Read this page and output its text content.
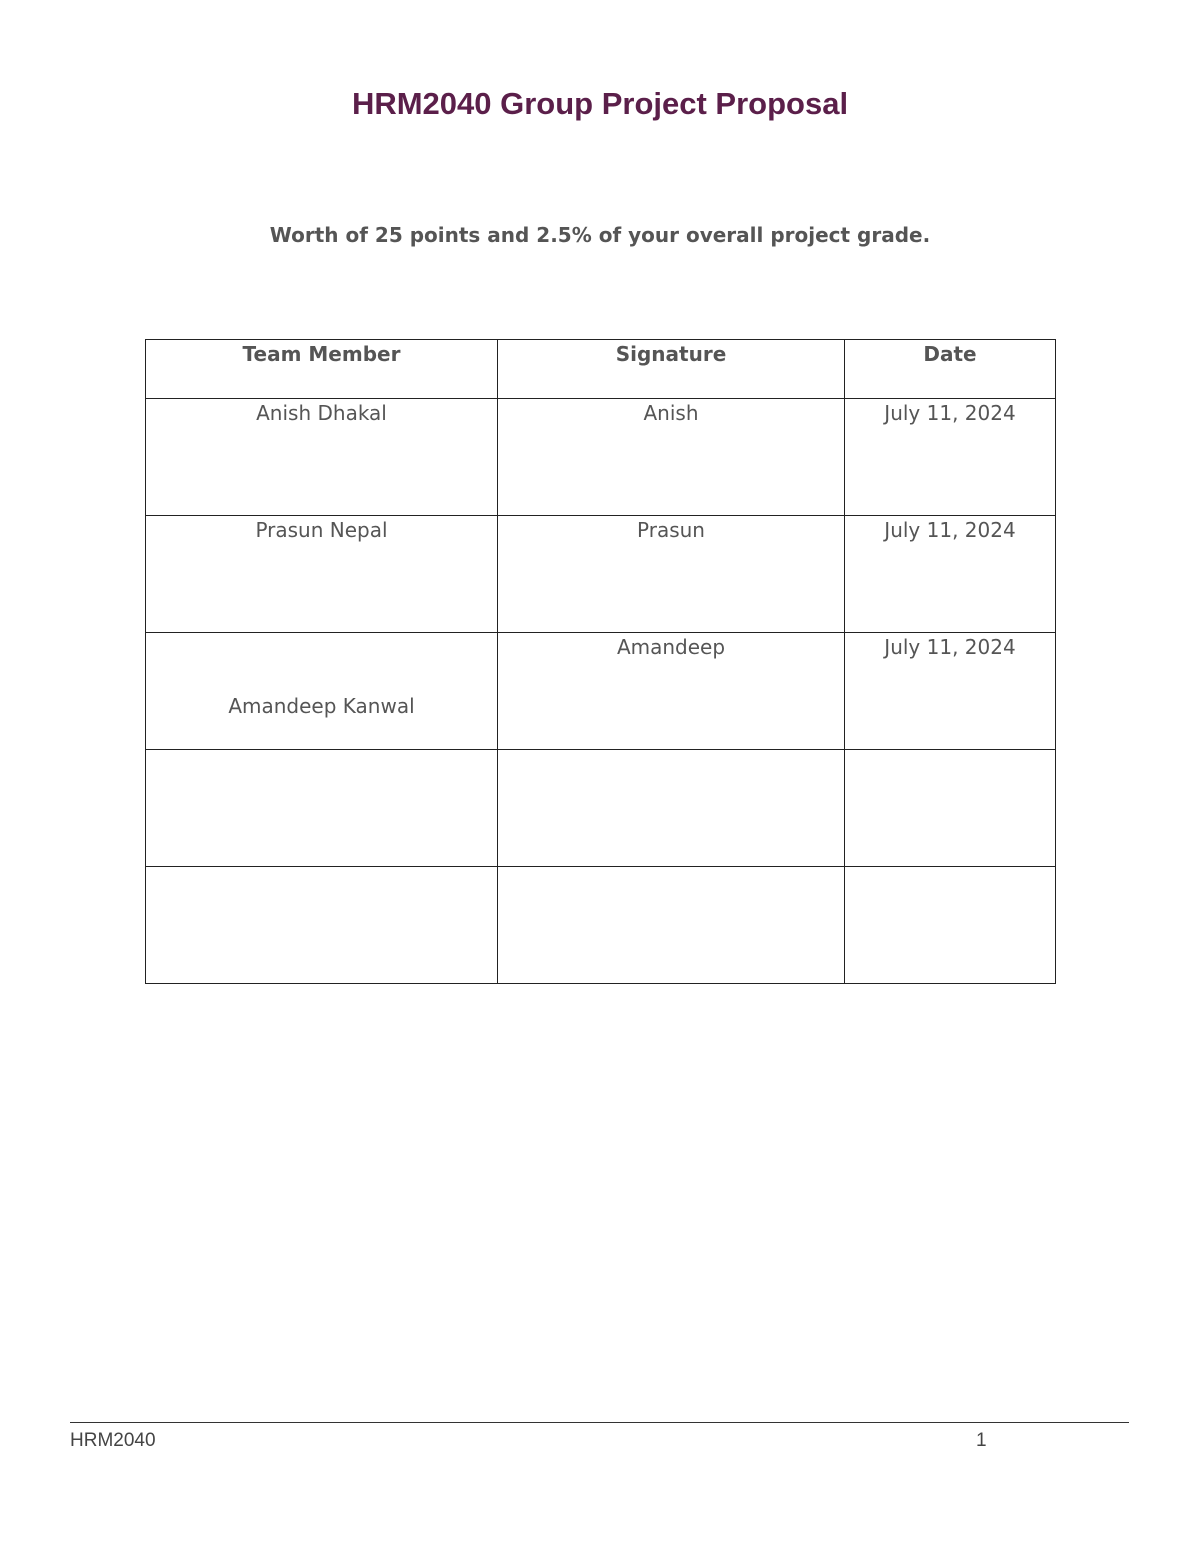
HRM2040 Group Project Proposal
Worth of 25 points and 2.5% of your overall project grade.
Team Member	Signature	Date
Anish Dhakal	Anish	July 11, 2024
Prasun Nepal	Prasun	July 11, 2024

Amandeep Kanwal	Amandeep	July 11, 2024

HRM2040	1
